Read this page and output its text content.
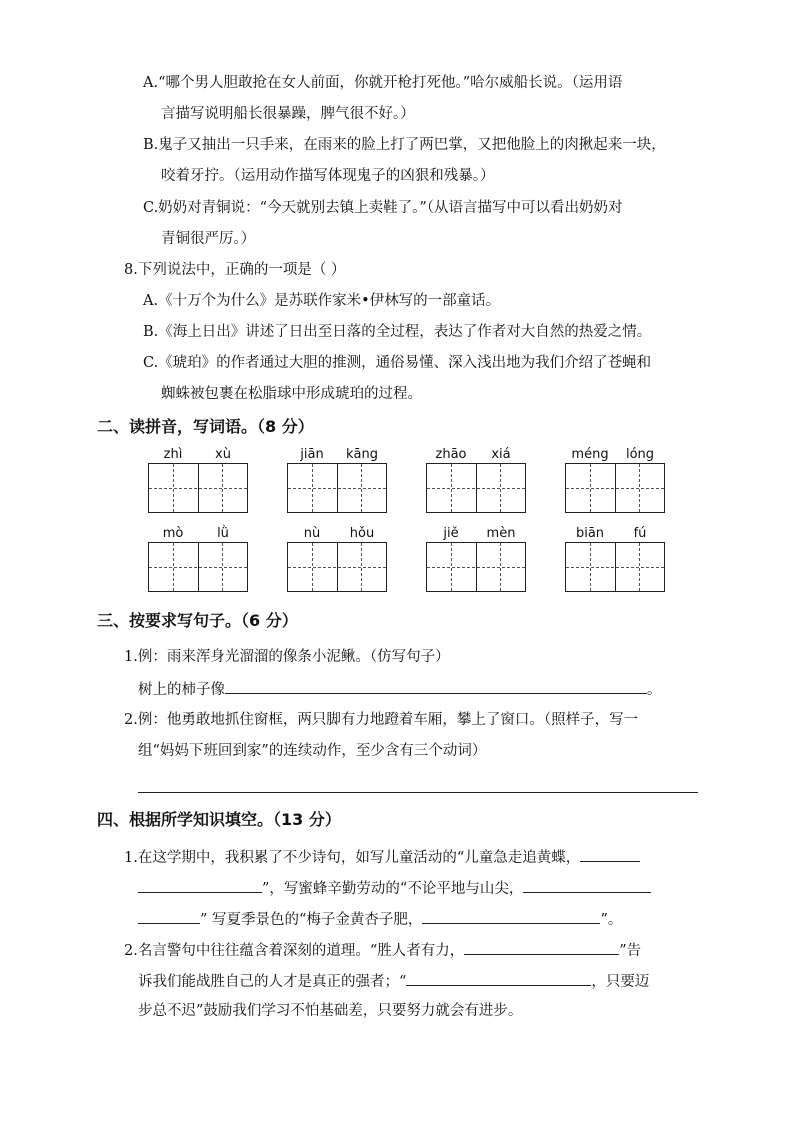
A.“哪个男人胆敢抢在女人前面，你就开枪打死他。”哈尔威船长说。（运用语
言描写说明船长很暴躁，脾气很不好。）
B.鬼子又抽出一只手来，在雨来的脸上打了两巴掌，又把他脸上的肉揪起来一块，
咬着牙拧。（运用动作描写体现鬼子的凶狠和残暴。）
C.奶奶对青铜说：“今天就别去镇上卖鞋了。”（从语言描写中可以看出奶奶对
青铜很严厉。）
8.下列说法中，正确的一项是（ ）
A.《十万个为什么》是苏联作家米•伊林写的一部童话。
B.《海上日出》讲述了日出至日落的全过程，表达了作者对大自然的热爱之情。
C.《琥珀》的作者通过大胆的推测，通俗易懂、深入浅出地为我们介绍了苍蝇和
蜘蛛被包裹在松脂球中形成琥珀的过程。
二、读拼音，写词语。（8 分）
zhì	xù	jiān	kāng	zhāo	xiá	méng	lóng
mò	lǜ	nù	hǒu	jiě	mèn	biān	fú
三、按要求写句子。（6 分）
1.例：雨来浑身光溜溜的像条小泥鳅。（仿写句子）
树上的柿子像	。
2.例：他勇敢地抓住窗框，两只脚有力地蹬着车厢，攀上了窗口。（照样子，写一
组“妈妈下班回到家”的连续动作，至少含有三个动词）
四、根据所学知识填空。（13 分）
1.在这学期中，我积累了不少诗句，如写儿童活动的“儿童急走追黄蝶，
”，写蜜蜂辛勤劳动的“不论平地与山尖，
” 写夏季景色的“梅子金黄杏子肥，	”。
2.名言警句中往往蕴含着深刻的道理。“胜人者有力，	”告
诉我们能战胜自己的人才是真正的强者；“	，只要迈
步总不迟”鼓励我们学习不怕基础差，只要努力就会有进步。
